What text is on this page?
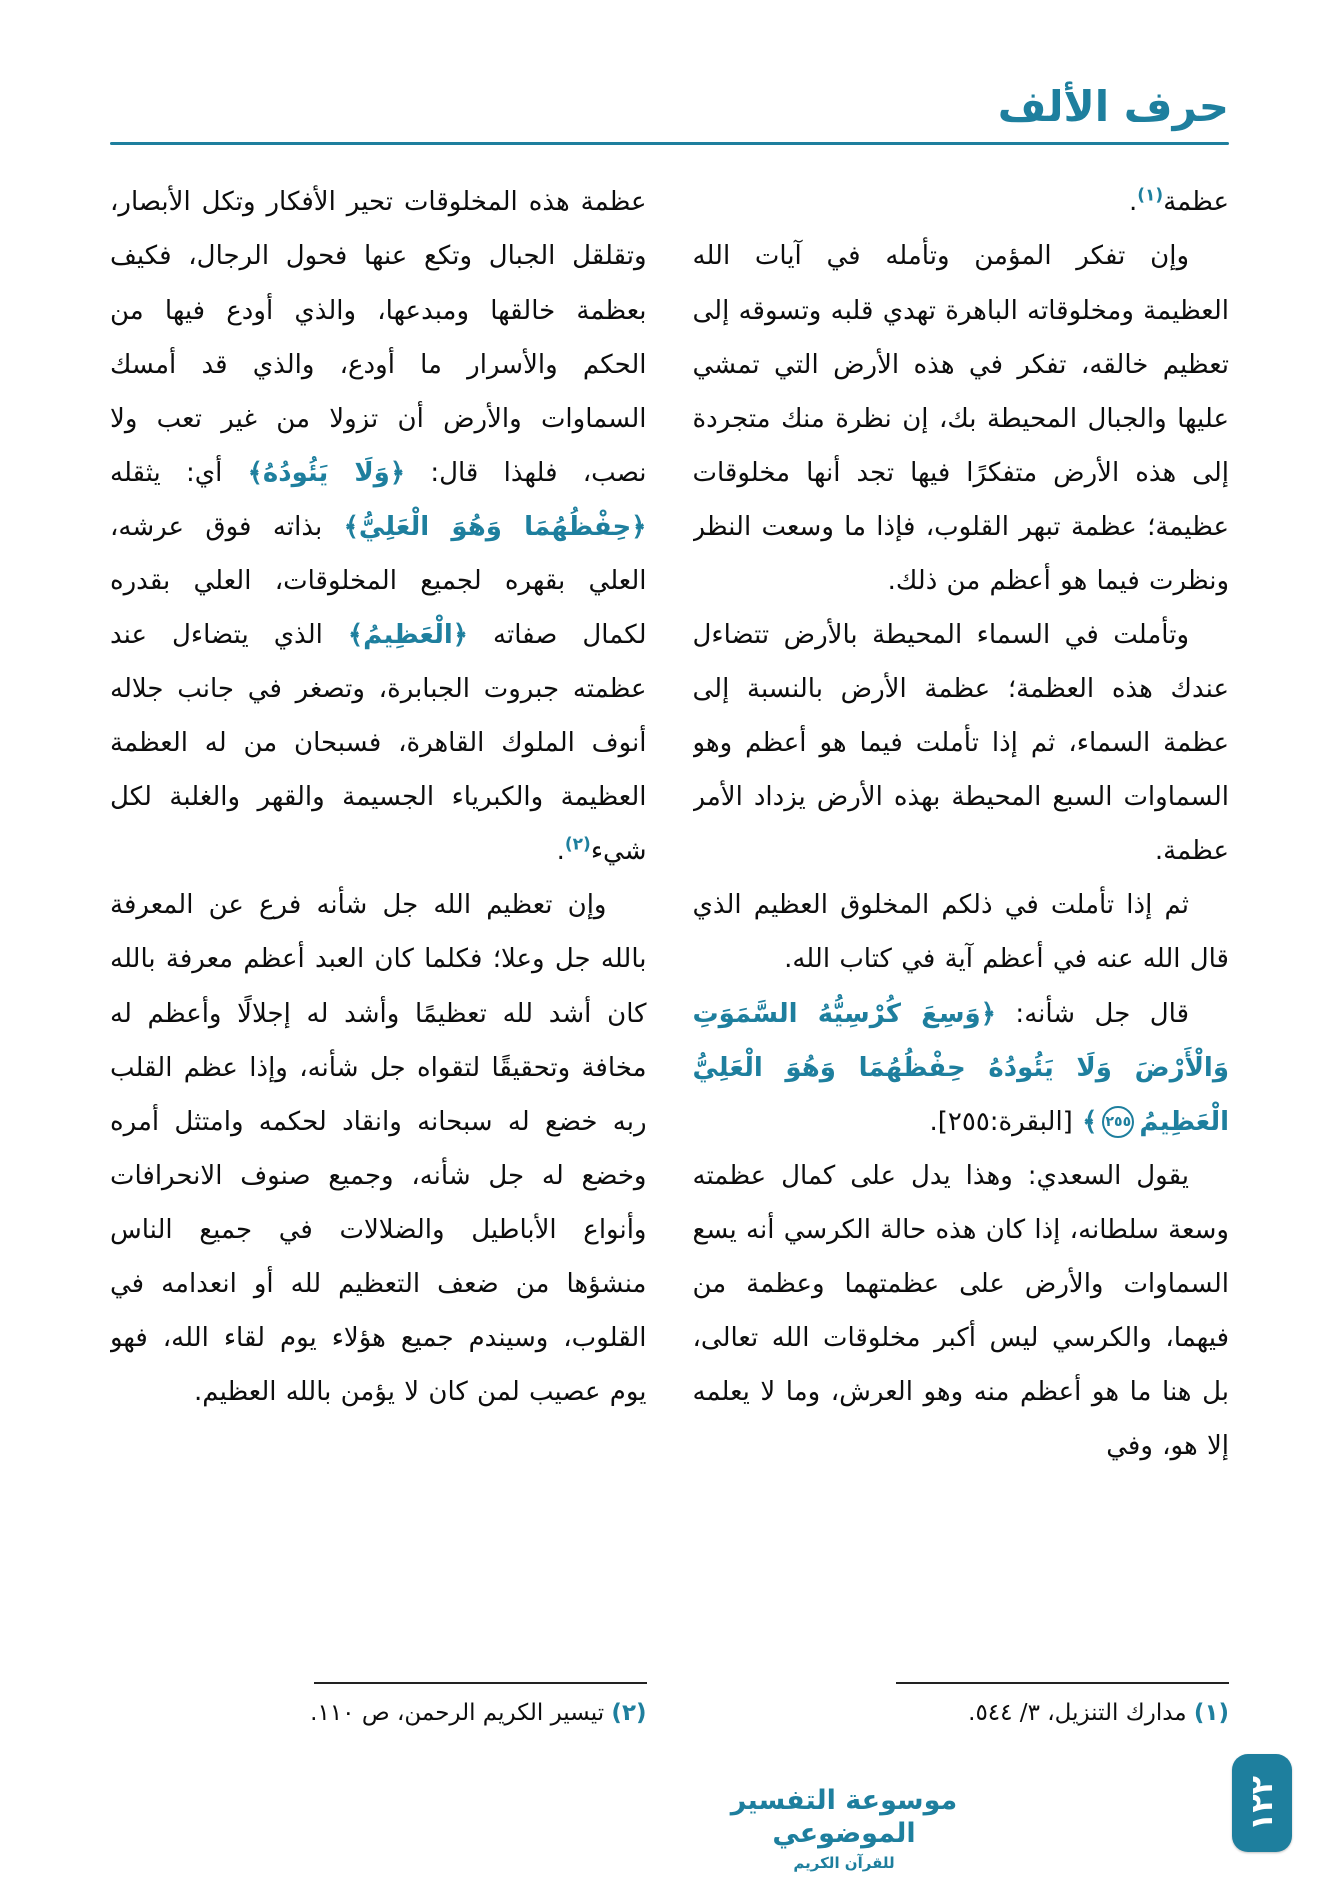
حرف الألف

عظمة$^{(١)}$.

وإن تفكر المؤمن وتأمله في آيات الله العظيمة ومخلوقاته الباهرة تهدي قلبه وتسوقه إلى تعظيم خالقه، تفكر في هذه الأرض التي تمشي عليها والجبال المحيطة بك، إن نظرة منك متجردة إلى هذه الأرض متفكرًا فيها تجد أنها مخلوقات عظيمة؛ عظمة تبهر القلوب، فإذا ما وسعت النظر ونظرت فيما هو أعظم من ذلك.

وتأملت في السماء المحيطة بالأرض تتضاءل عندك هذه العظمة؛ عظمة الأرض بالنسبة إلى عظمة السماء، ثم إذا تأملت فيما هو أعظم وهو السماوات السبع المحيطة بهذه الأرض يزداد الأمر عظمة.

ثم إذا تأملت في ذلكم المخلوق العظيم الذي قال الله عنه في أعظم آية في كتاب الله.

قال جل شأنه: ﴿وَسِعَ كُرْسِيُّهُ السَّمَوَتِ وَالْأَرْضَ وَلَا يَئُودُهُ حِفْظُهُمَا وَهُوَ الْعَلِيُّ الْعَظِيمُ٢٥٥﴾ [البقرة:٢٥٥].

يقول السعدي: وهذا يدل على كمال عظمته وسعة سلطانه، إذا كان هذه حالة الكرسي أنه يسع السماوات والأرض على عظمتهما وعظمة من فيهما، والكرسي ليس أكبر مخلوقات الله تعالى، بل هنا ما هو أعظم منه وهو العرش، وما لا يعلمه إلا هو، وفي

عظمة هذه المخلوقات تحير الأفكار وتكل الأبصار، وتقلقل الجبال وتكع عنها فحول الرجال، فكيف بعظمة خالقها ومبدعها، والذي أودع فيها من الحكم والأسرار ما أودع، والذي قد أمسك السماوات والأرض أن تزولا من غير تعب ولا نصب، فلهذا قال: ﴿وَلَا يَئُودُهُ﴾ أي: يثقله ﴿حِفْظُهُمَا وَهُوَ الْعَلِيُّ﴾ بذاته فوق عرشه، العلي بقهره لجميع المخلوقات، العلي بقدره لكمال صفاته ﴿الْعَظِيمُ﴾ الذي يتضاءل عند عظمته جبروت الجبابرة، وتصغر في جانب جلاله أنوف الملوك القاهرة، فسبحان من له العظمة العظيمة والكبرياء الجسيمة والقهر والغلبة لكل شيء$^{(٢)}$.

وإن تعظيم الله جل شأنه فرع عن المعرفة بالله جل وعلا؛ فكلما كان العبد أعظم معرفة بالله كان أشد لله تعظيمًا وأشد له إجلالًا وأعظم له مخافة وتحقيقًا لتقواه جل شأنه، وإذا عظم القلب ربه خضع له سبحانه وانقاد لحكمه وامتثل أمره وخضع له جل شأنه، وجميع صنوف الانحرافات وأنواع الأباطيل والضلالات في جميع الناس منشؤها من ضعف التعظيم لله أو انعدامه في القلوب، وسيندم جميع هؤلاء يوم لقاء الله، فهو يوم عصيب لمن كان لا يؤمن بالله العظيم.

(١) مدارك التنزيل، ٣/ ٥٤٤.

(٢) تيسير الكريم الرحمن، ص ١١٠.

موسوعة التفسير الموضوعي
للقرآن الكريم
١٢٢
